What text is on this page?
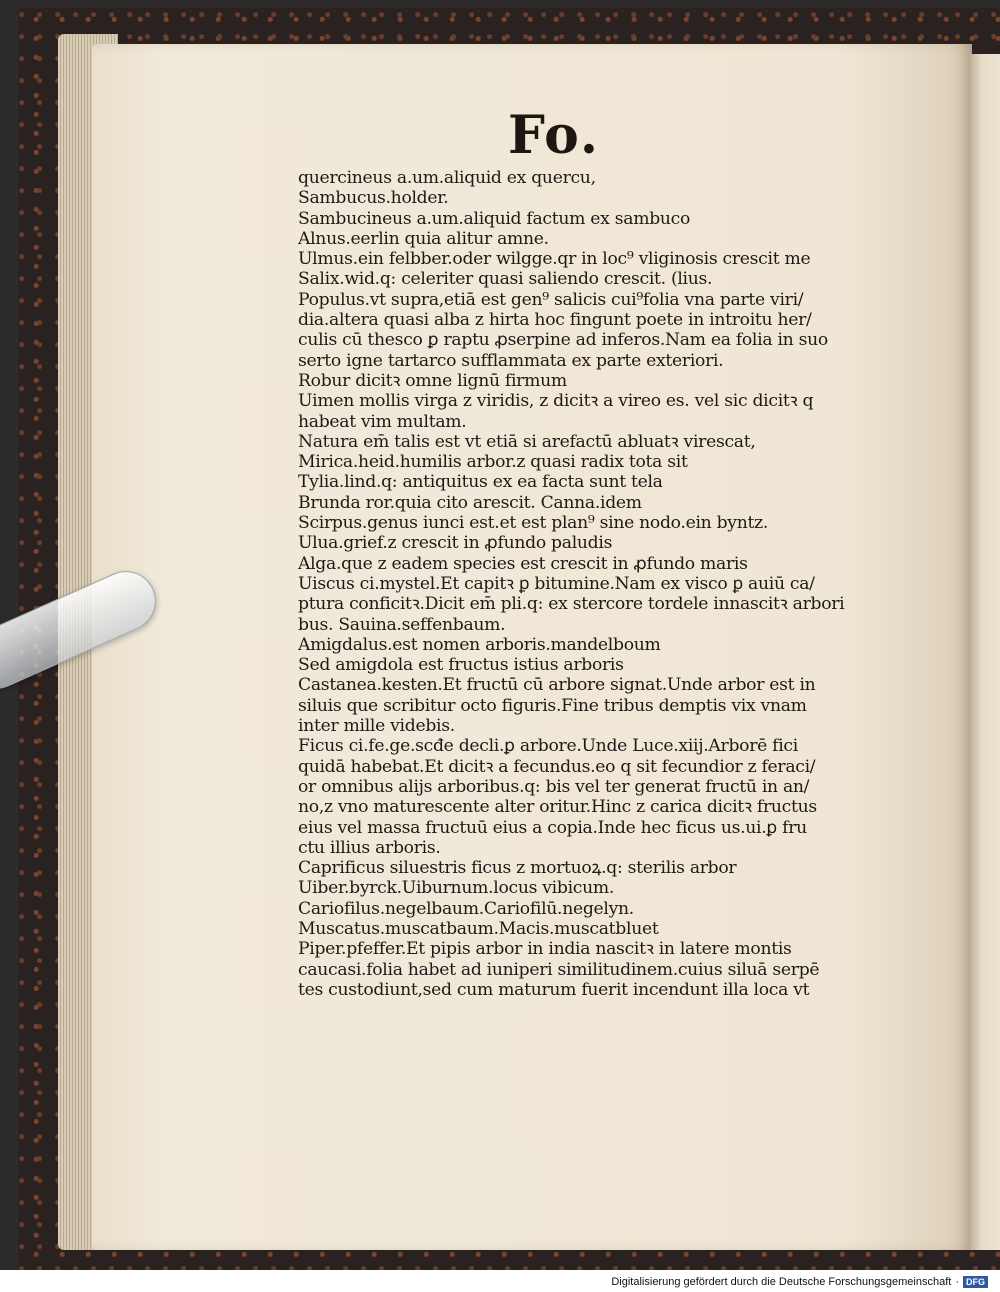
Fo.
quercineus a.um.aliquid ex quercu,
Sambucus.holder.
Sambucineus a.um.aliquid factum ex sambuco
Alnus.eerlin quia alitur amne.
Ulmus.ein felbber.oder wilgge.qr in loc⁹ vliginosis crescit me
Salix.wid.q: celeriter quasi saliendo crescit. (lius.
Populus.vt supra,etiā est gen⁹ salicis cui⁹folia vna parte viri/
dia.altera quasi alba z hirta hoc fingunt poete in introitu her/
culis cū thesco ꝑ raptu ꝓserpine ad inferos.Nam ea folia in suo
serto igne tartarco sufflammata ex parte exteriori.
Robur dicitꝛ omne lignū firmum
Uimen mollis virga z viridis, z dicitꝛ a vireo es. vel sic dicitꝛ q
habeat vim multam.
Natura em̄ talis est vt etiā si arefactū abluatꝛ virescat,
Mirica.heid.humilis arbor.z quasi radix tota sit
Tylia.lind.q: antiquitus ex ea facta sunt tela
Brunda ror.quia cito arescit. Canna.idem
Scirpus.genus iunci est.et est plan⁹ sine nodo.ein byntz.
Ulua.grief.z crescit in ꝓfundo paludis
Alga.que z eadem species est crescit in ꝓfundo maris
Uiscus ci.mystel.Et capitꝛ ꝑ bitumine.Nam ex visco ꝑ auiū ca/
ptura conficitꝛ.Dicit em̄ pli.q: ex stercore tordele innascitꝛ arbori
bus. Sauina.seffenbaum.
Amigdalus.est nomen arboris.mandelboum
Sed amigdola est fructus istius arboris
Castanea.kesten.Et fructū cū arbore signat.Unde arbor est in
siluis que scribitur octo figuris.Fine tribus demptis vix vnam
inter mille videbis.
Ficus ci.fe.ge.scđe decli.ꝑ arbore.Unde Luce.xiij.Arborē fici
quidā habebat.Et dicitꝛ a fecundus.eo q sit fecundior z feraci/
or omnibus alijs arboribus.q: bis vel ter generat fructū in an/
no,z vno maturescente alter oritur.Hinc z carica dicitꝛ fructus
eius vel massa fructuū eius a copia.Inde hec ficus us.ui.ꝑ fru
ctu illius arboris.
Caprificus siluestris ficus z mortuoꝝ.q: sterilis arbor
Uiber.byrck.Uiburnum.locus vibicum.
Cariofilus.negelbaum.Cariofilū.negelyn.
Muscatus.muscatbaum.Macis.muscatbluet
Piper.pfeffer.Et pipis arbor in india nascitꝛ in latere montis
caucasi.folia habet ad iuniperi similitudinem.cuius siluā serpē
tes custodiunt,sed cum maturum fuerit incendunt illa loca vt
Digitalisierung gefördert durch die Deutsche Forschungsgemeinschaft · DFG
